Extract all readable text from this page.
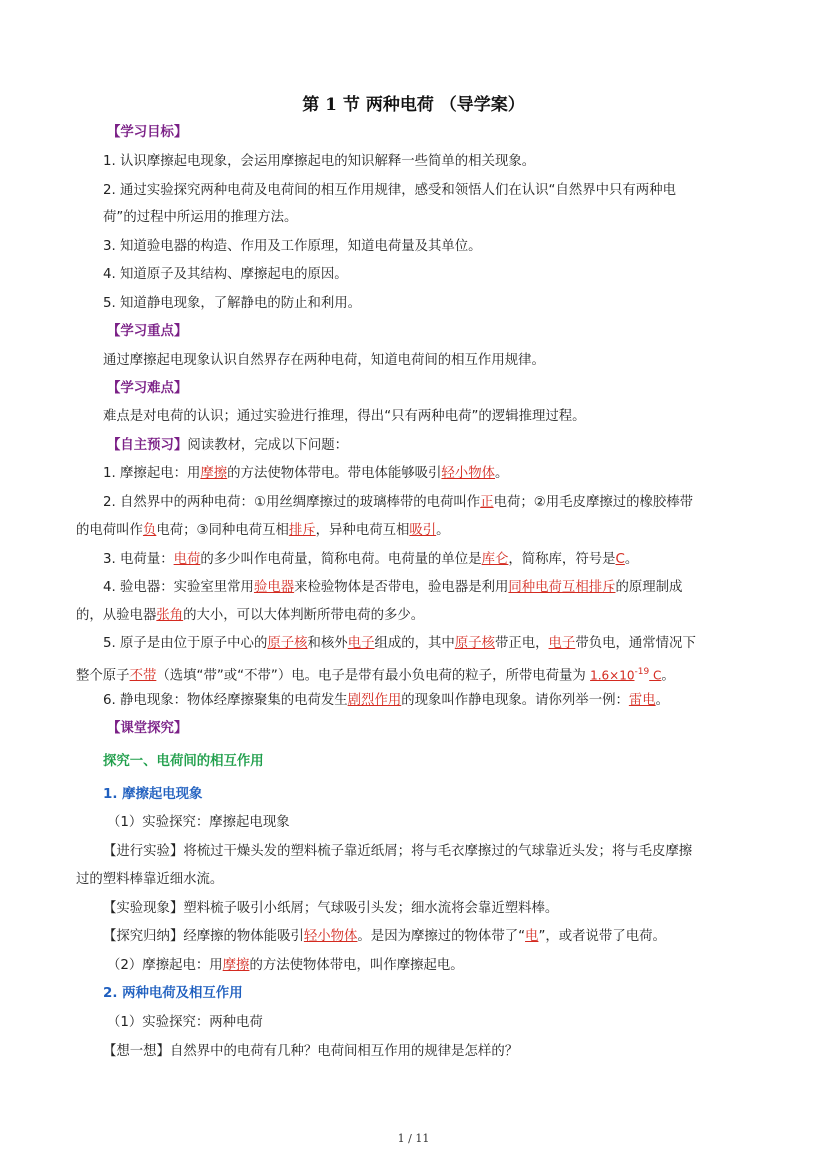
第 1 节 两种电荷 （导学案）
【学习目标】
1. 认识摩擦起电现象，会运用摩擦起电的知识解释一些简单的相关现象。
2. 通过实验探究两种电荷及电荷间的相互作用规律，感受和领悟人们在认识“自然界中只有两种电
荷”的过程中所运用的推理方法。
3. 知道验电器的构造、作用及工作原理，知道电荷量及其单位。
4. 知道原子及其结构、摩擦起电的原因。
5. 知道静电现象，了解静电的防止和利用。
【学习重点】
通过摩擦起电现象认识自然界存在两种电荷，知道电荷间的相互作用规律。
【学习难点】
难点是对电荷的认识；通过实验进行推理，得出“只有两种电荷”的逻辑推理过程。
【自主预习】阅读教材，完成以下问题：
1. 摩擦起电：用摩擦的方法使物体带电。带电体能够吸引轻小物体。
2. 自然界中的两种电荷：①用丝绸摩擦过的玻璃棒带的电荷叫作正电荷；②用毛皮摩擦过的橡胶棒带
的电荷叫作负电荷；③同种电荷互相排斥，异种电荷互相吸引。
3. 电荷量：电荷的多少叫作电荷量，简称电荷。电荷量的单位是库仑，简称库，符号是C。
4. 验电器：实验室里常用验电器来检验物体是否带电，验电器是利用同种电荷互相排斥的原理制成
的，从验电器张角的大小，可以大体判断所带电荷的多少。
5. 原子是由位于原子中心的原子核和核外电子组成的，其中原子核带正电，电子带负电，通常情况下
整个原子不带（选填“带”或“不带”）电。电子是带有最小负电荷的粒子，所带电荷量为 1.6×10$^{-19}$ C。
6. 静电现象：物体经摩擦聚集的电荷发生剧烈作用的现象叫作静电现象。请你列举一例：雷电。
【课堂探究】
探究一、电荷间的相互作用
1. 摩擦起电现象
（1）实验探究：摩擦起电现象
【进行实验】将梳过干燥头发的塑料梳子靠近纸屑；将与毛衣摩擦过的气球靠近头发；将与毛皮摩擦
过的塑料棒靠近细水流。
【实验现象】塑料梳子吸引小纸屑；气球吸引头发；细水流将会靠近塑料棒。
【探究归纳】经摩擦的物体能吸引轻小物体。是因为摩擦过的物体带了“电”，或者说带了电荷。
（2）摩擦起电：用摩擦的方法使物体带电，叫作摩擦起电。
2. 两种电荷及相互作用
（1）实验探究：两种电荷
【想一想】自然界中的电荷有几种？电荷间相互作用的规律是怎样的？
1 / 11
